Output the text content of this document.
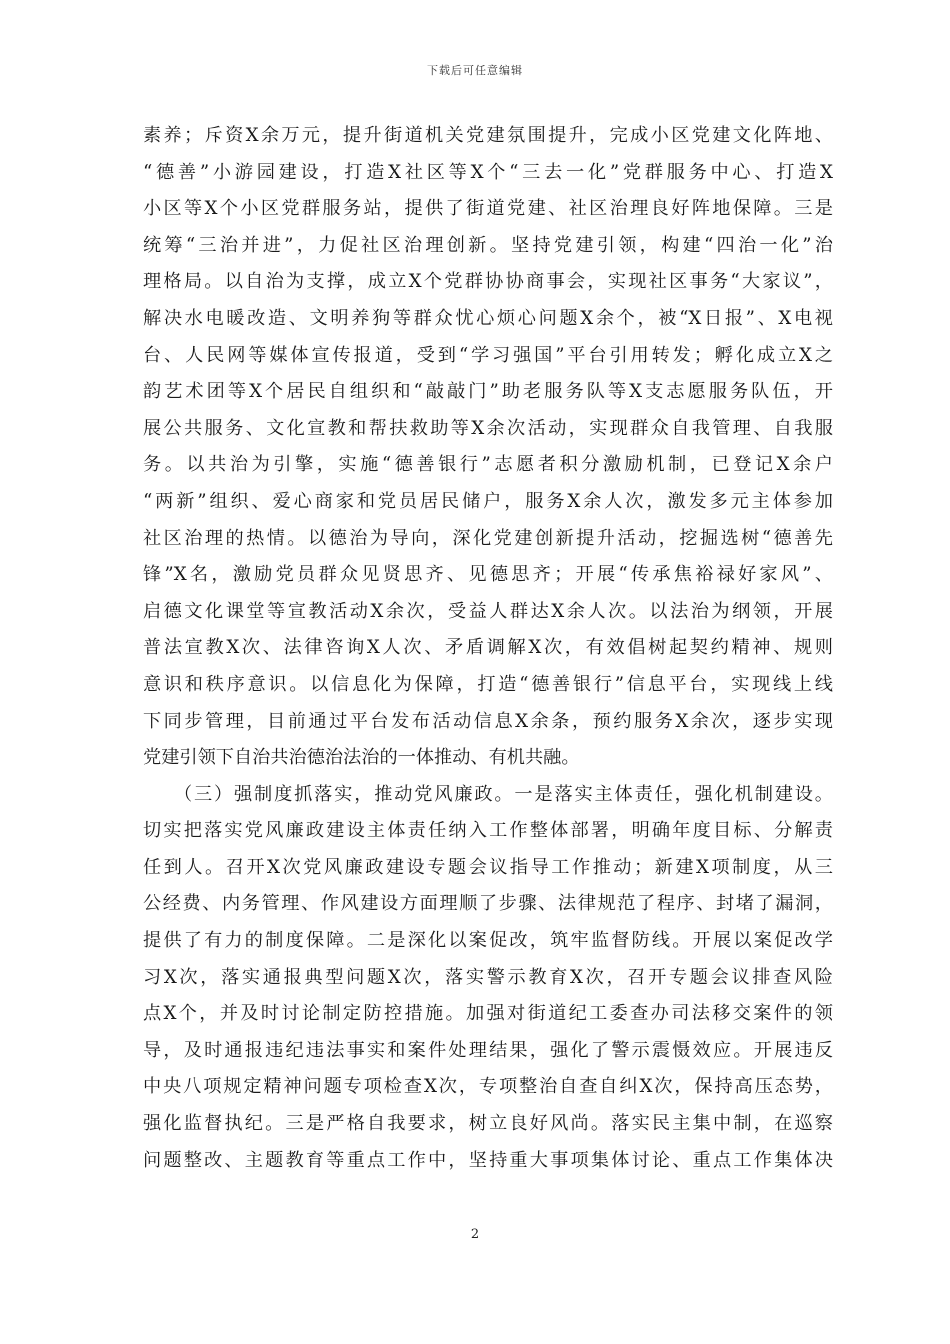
下载后可任意编辑
素养；斥资X余万元，提升街道机关党建氛围提升，完成小区党建文化阵地、
“德善”小游园建设，打造X社区等X个“三去一化”党群服务中心、打造X
小区等X个小区党群服务站，提供了街道党建、社区治理良好阵地保障。三是
统筹“三治并进”，力促社区治理创新。坚持党建引领，构建“四治一化”治
理格局。以自治为支撑，成立X个党群协协商事会，实现社区事务“大家议”，
解决水电暖改造、文明养狗等群众忧心烦心问题X余个，被“X日报”、X电视
台、人民网等媒体宣传报道，受到“学习强国”平台引用转发；孵化成立X之
韵艺术团等X个居民自组织和“敲敲门”助老服务队等X支志愿服务队伍，开
展公共服务、文化宣教和帮扶救助等X余次活动，实现群众自我管理、自我服
务。以共治为引擎，实施“德善银行”志愿者积分激励机制，已登记X余户
“两新”组织、爱心商家和党员居民储户，服务X余人次，激发多元主体参加
社区治理的热情。以德治为导向，深化党建创新提升活动，挖掘选树“德善先
锋”X名，激励党员群众见贤思齐、见德思齐；开展“传承焦裕禄好家风”、
启德文化课堂等宣教活动X余次，受益人群达X余人次。以法治为纲领，开展
普法宣教X次、法律咨询X人次、矛盾调解X次，有效倡树起契约精神、规则
意识和秩序意识。以信息化为保障，打造“德善银行”信息平台，实现线上线
下同步管理，目前通过平台发布活动信息X余条，预约服务X余次，逐步实现
党建引领下自治共治德治法治的一体推动、有机共融。
　　（三）强制度抓落实，推动党风廉政。一是落实主体责任，强化机制建设。
切实把落实党风廉政建设主体责任纳入工作整体部署，明确年度目标、分解责
任到人。召开X次党风廉政建设专题会议指导工作推动；新建X项制度，从三
公经费、内务管理、作风建设方面理顺了步骤、法律规范了程序、封堵了漏洞，
提供了有力的制度保障。二是深化以案促改，筑牢监督防线。开展以案促改学
习X次，落实通报典型问题X次，落实警示教育X次，召开专题会议排查风险
点X个，并及时讨论制定防控措施。加强对街道纪工委查办司法移交案件的领
导，及时通报违纪违法事实和案件处理结果，强化了警示震慑效应。开展违反
中央八项规定精神问题专项检查X次，专项整治自查自纠X次，保持高压态势，
强化监督执纪。三是严格自我要求，树立良好风尚。落实民主集中制，在巡察
问题整改、主题教育等重点工作中，坚持重大事项集体讨论、重点工作集体决
2
